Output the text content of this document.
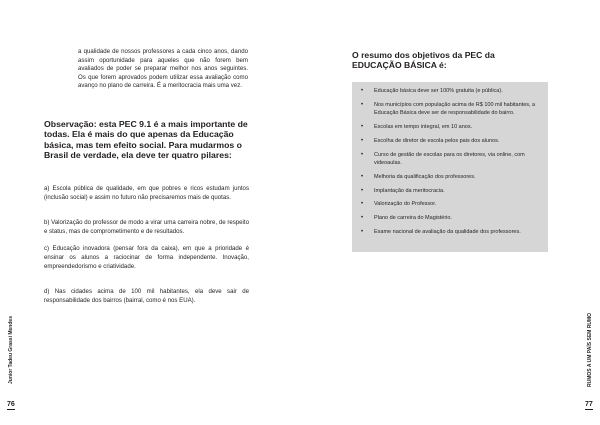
a qualidade de nossos professores a cada cinco anos, dando assim oportunidade para aqueles que não forem bem avaliados de poder se preparar melhor nos anos seguintes. Os que forem aprovados podem utilizar essa avaliação como avanço no plano de carreira. É a meritocracia mais uma vez.

Observação: esta PEC 9.1 é a mais importante de todas. Ela é mais do que apenas da Educação básica, mas tem efeito social. Para mudarmos o Brasil de verdade, ela deve ter quatro pilares:

a) Escola pública de qualidade, em que pobres e ricos estudam juntos (inclusão social) e assim no futuro não precisaremos mais de quotas.

b) Valorização do professor de modo a virar uma carreira nobre, de respeito e status, mas de comprometimento e de resultados.

c) Educação inovadora (pensar fora da caixa), em que a prioridade é ensinar os alunos a raciocinar de forma independente. Inovação, empreendedorismo e criatividade.

d) Nas cidades acima de 100 mil habitantes, ela deve sair de responsabilidade dos bairros (bairral, como é nos EUA).

Junior Tadeu Grassi Mendes
76
O resumo dos objetivos da PEC da
EDUCAÇÃO BÁSICA é:
• Educação básica deve ser 100% gratuita (e pública).
• Nos municípios com população acima de R$ 100 mil habitantes, a Educação Básica deve ser de responsabilidade do bairro.
• Escolas em tempo integral, em 10 anos.
• Escolha de diretor de escola pelos pais dos alunos.
• Curso de gestão de escolas para os diretores, via online, com videoaulas.
• Melhoria da qualificação dos professores.
• Implantação da meritocracia.
• Valorização do Professor.
• Plano de carreira do Magistério.
• Exame nacional de avaliação da qualidade dos professores.
RUMOS A UM PAÍS SEM RUMO
77
